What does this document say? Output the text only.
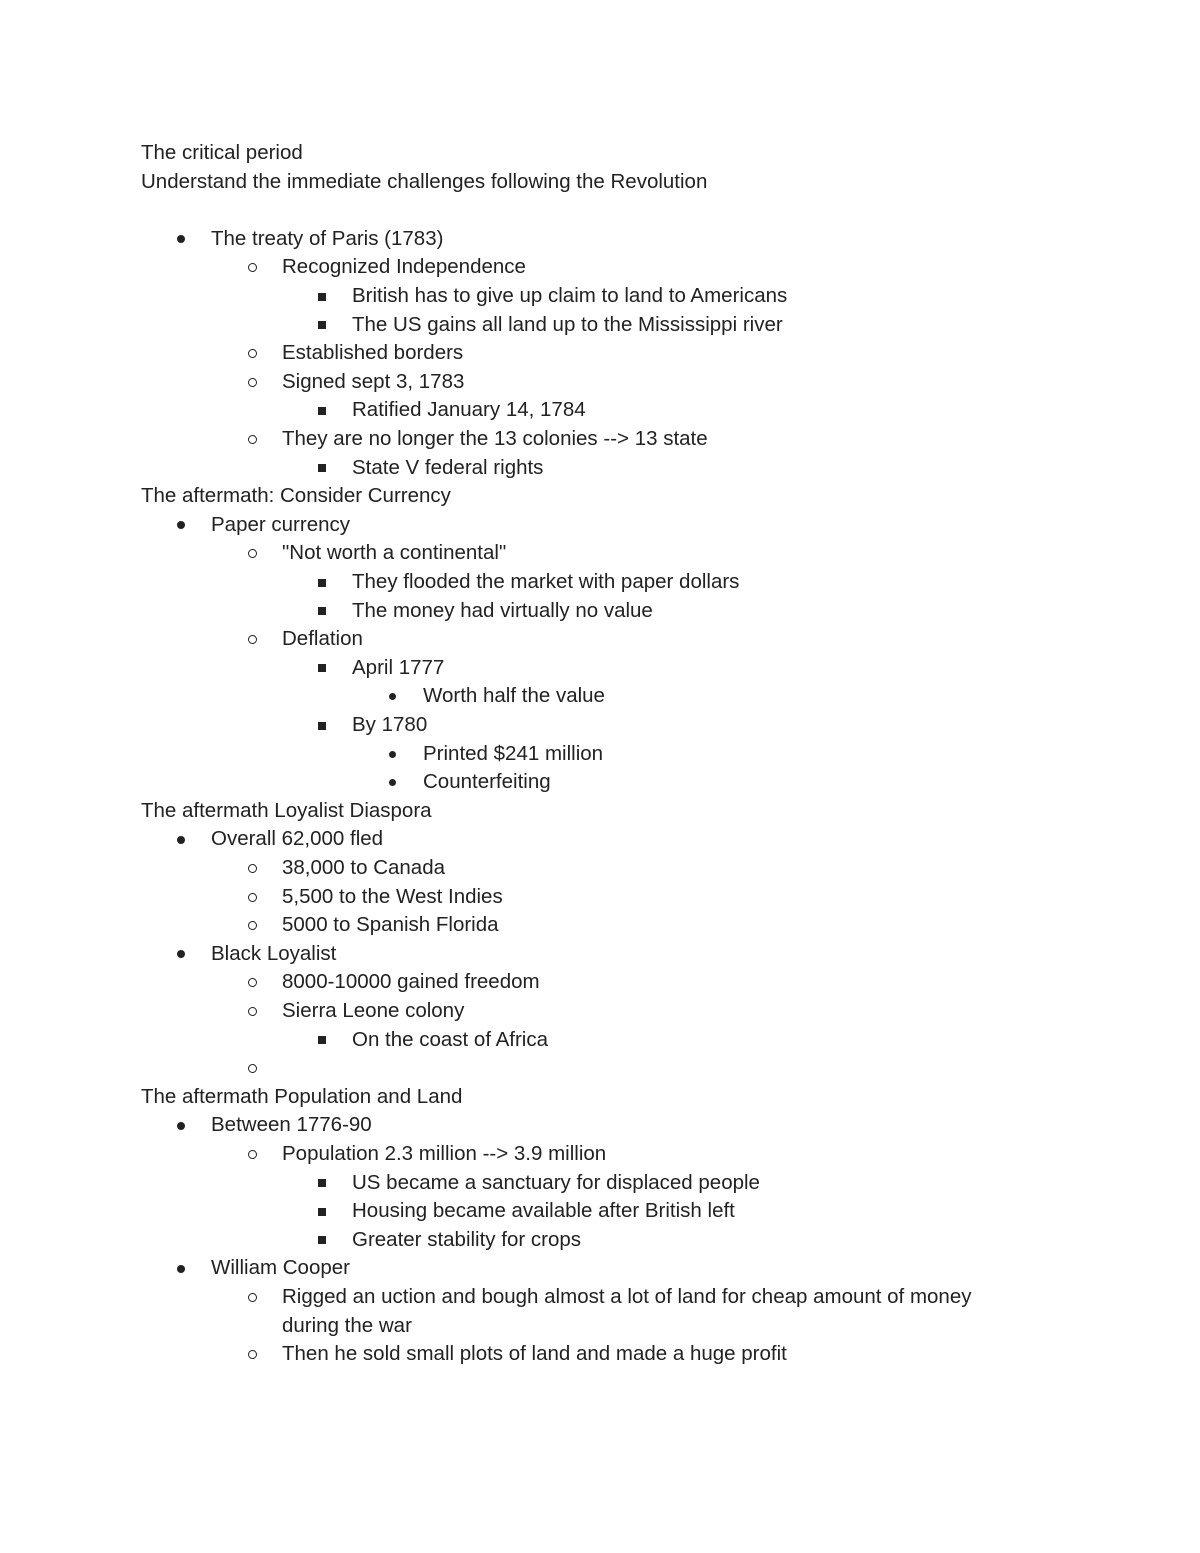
The critical period
Understand the immediate challenges following the Revolution
The treaty of Paris (1783)
Recognized Independence
British has to give up claim to land to Americans
The US gains all land up to the Mississippi river
Established borders
Signed sept 3, 1783
Ratified January 14, 1784
They are no longer the 13 colonies --> 13 state
State V federal rights
The aftermath: Consider Currency
Paper currency
"Not worth a continental"
They flooded the market with paper dollars
The money had virtually no value
Deflation
April 1777
Worth half the value
By 1780
Printed $241 million
Counterfeiting
The aftermath Loyalist Diaspora
Overall 62,000 fled
38,000 to Canada
5,500 to the West Indies
5000 to Spanish Florida
Black Loyalist
8000-10000 gained freedom
Sierra Leone colony
On the coast of Africa
The aftermath Population and Land
Between 1776-90
Population 2.3 million --> 3.9 million
US became a sanctuary for displaced people
Housing became available after British left
Greater stability for crops
William Cooper
Rigged an uction and bough almost a lot of land for cheap amount of money
during the war
Then he sold small plots of land and made a huge profit
